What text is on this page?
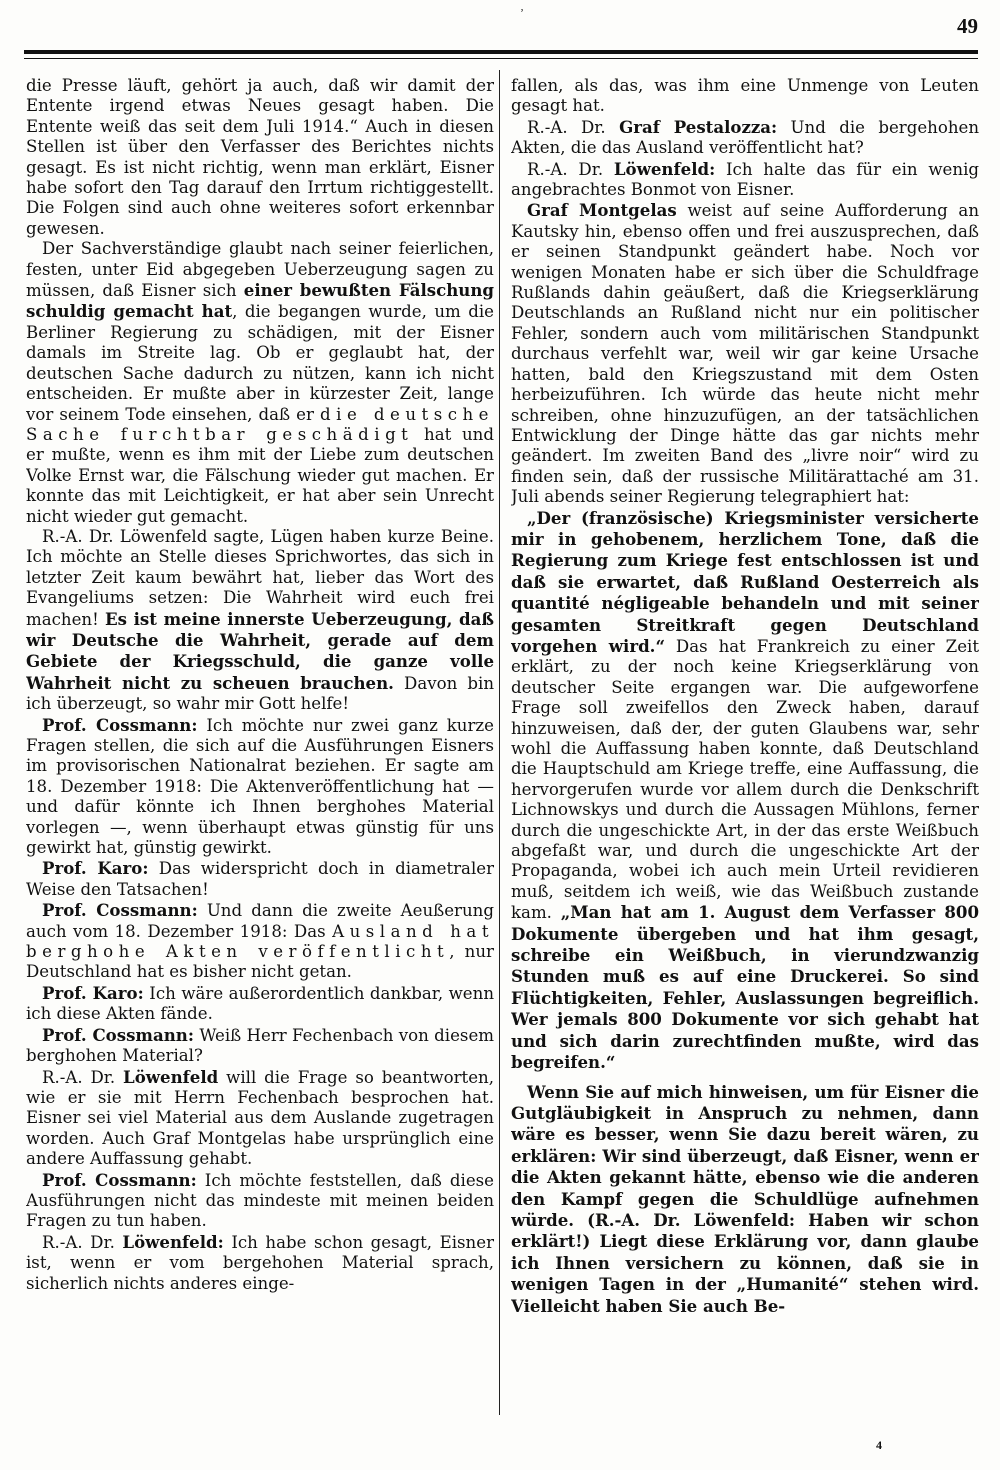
49

die Presse läuft, gehört ja auch, daß wir damit der Entente irgend etwas Neues gesagt haben. Die Entente weiß das seit dem Juli 1914.“ Auch in diesen Stellen ist über den Verfasser des Berichtes nichts gesagt. Es ist nicht richtig, wenn man erklärt, Eisner habe sofort den Tag darauf den Irrtum richtiggestellt. Die Folgen sind auch ohne weiteres sofort erkennbar gewesen.

Der Sachverständige glaubt nach seiner feierlichen, festen, unter Eid abgegeben Ueberzeugung sagen zu müssen, daß Eisner sich einer bewußten Fälschung schuldig gemacht hat, die begangen wurde, um die Berliner Regierung zu schädigen, mit der Eisner damals im Streite lag. Ob er geglaubt hat, der deutschen Sache dadurch zu nützen, kann ich nicht entscheiden. Er mußte aber in kürzester Zeit, lange vor seinem Tode einsehen, daß er die deutsche Sache furchtbar geschädigt hat und er mußte, wenn es ihm mit der Liebe zum deutschen Volke Ernst war, die Fälschung wieder gut machen. Er konnte das mit Leichtigkeit, er hat aber sein Unrecht nicht wieder gut gemacht.

R.-A. Dr. Löwenfeld sagte, Lügen haben kurze Beine. Ich möchte an Stelle dieses Sprichwortes, das sich in letzter Zeit kaum bewährt hat, lieber das Wort des Evangeliums setzen: Die Wahrheit wird euch frei machen! Es ist meine innerste Ueberzeugung, daß wir Deutsche die Wahrheit, gerade auf dem Gebiete der Kriegsschuld, die ganze volle Wahrheit nicht zu scheuen brauchen. Davon bin ich überzeugt, so wahr mir Gott helfe!

Prof. Cossmann: Ich möchte nur zwei ganz kurze Fragen stellen, die sich auf die Ausführungen Eisners im provisorischen Nationalrat beziehen. Er sagte am 18. Dezember 1918: Die Aktenveröffentlichung hat — und dafür könnte ich Ihnen berghohes Material vorlegen —, wenn überhaupt etwas günstig für uns gewirkt hat, günstig gewirkt.

Prof. Karo: Das widerspricht doch in diametraler Weise den Tatsachen!

Prof. Cossmann: Und dann die zweite Aeußerung auch vom 18. Dezember 1918: Das Ausland hat berghohe Akten veröffentlicht, nur Deutschland hat es bisher nicht getan.

Prof. Karo: Ich wäre außerordentlich dankbar, wenn ich diese Akten fände.

Prof. Cossmann: Weiß Herr Fechenbach von diesem berghohen Material?

R.-A. Dr. Löwenfeld will die Frage so beantworten, wie er sie mit Herrn Fechenbach besprochen hat. Eisner sei viel Material aus dem Auslande zugetragen worden. Auch Graf Montgelas habe ursprünglich eine andere Auffassung gehabt.

Prof. Cossmann: Ich möchte feststellen, daß diese Ausführungen nicht das mindeste mit meinen beiden Fragen zu tun haben.

R.-A. Dr. Löwenfeld: Ich habe schon gesagt, Eisner ist, wenn er vom bergehohen Material sprach, sicherlich nichts anderes einge-

fallen, als das, was ihm eine Unmenge von Leuten gesagt hat.

R.-A. Dr. Graf Pestalozza: Und die bergehohen Akten, die das Ausland veröffentlicht hat?

R.-A. Dr. Löwenfeld: Ich halte das für ein wenig angebrachtes Bonmot von Eisner.

Graf Montgelas weist auf seine Aufforderung an Kautsky hin, ebenso offen und frei auszusprechen, daß er seinen Standpunkt geändert habe. Noch vor wenigen Monaten habe er sich über die Schuldfrage Rußlands dahin geäußert, daß die Kriegserklärung Deutschlands an Rußland nicht nur ein politischer Fehler, sondern auch vom militärischen Standpunkt durchaus verfehlt war, weil wir gar keine Ursache hatten, bald den Kriegszustand mit dem Osten herbeizuführen. Ich würde das heute nicht mehr schreiben, ohne hinzuzufügen, an der tatsächlichen Entwicklung der Dinge hätte das gar nichts mehr geändert. Im zweiten Band des „livre noir“ wird zu finden sein, daß der russische Militärattaché am 31. Juli abends seiner Regierung telegraphiert hat:

„Der (französische) Kriegsminister versicherte mir in gehobenem, herzlichem Tone, daß die Regierung zum Kriege fest entschlossen ist und daß sie erwartet, daß Rußland Oesterreich als quantité négligeable behandeln und mit seiner gesamten Streitkraft gegen Deutschland vorgehen wird.“ Das hat Frankreich zu einer Zeit erklärt, zu der noch keine Kriegserklärung von deutscher Seite ergangen war. Die aufgeworfene Frage soll zweifellos den Zweck haben, darauf hinzuweisen, daß der, der guten Glaubens war, sehr wohl die Auffassung haben konnte, daß Deutschland die Hauptschuld am Kriege treffe, eine Auffassung, die hervorgerufen wurde vor allem durch die Denkschrift Lichnowskys und durch die Aussagen Mühlons, ferner durch die ungeschickte Art, in der das erste Weißbuch abgefaßt war, und durch die ungeschickte Art der Propaganda, wobei ich auch mein Urteil revidieren muß, seitdem ich weiß, wie das Weißbuch zustande kam. „Man hat am 1. August dem Verfasser 800 Dokumente übergeben und hat ihm gesagt, schreibe ein Weißbuch, in vierundzwanzig Stunden muß es auf eine Druckerei. So sind Flüchtigkeiten, Fehler, Auslassungen begreiflich. Wer jemals 800 Dokumente vor sich gehabt hat und sich darin zurechtfinden mußte, wird das begreifen.“

Wenn Sie auf mich hinweisen, um für Eisner die Gutgläubigkeit in Anspruch zu nehmen, dann wäre es besser, wenn Sie dazu bereit wären, zu erklären: Wir sind überzeugt, daß Eisner, wenn er die Akten gekannt hätte, ebenso wie die anderen den Kampf gegen die Schuldlüge aufnehmen würde. (R.-A. Dr. Löwenfeld: Haben wir schon erklärt!) Liegt diese Erklärung vor, dann glaube ich Ihnen versichern zu können, daß sie in wenigen Tagen in der „Humanité“ stehen wird. Vielleicht haben Sie auch Be-

4
ʼ
